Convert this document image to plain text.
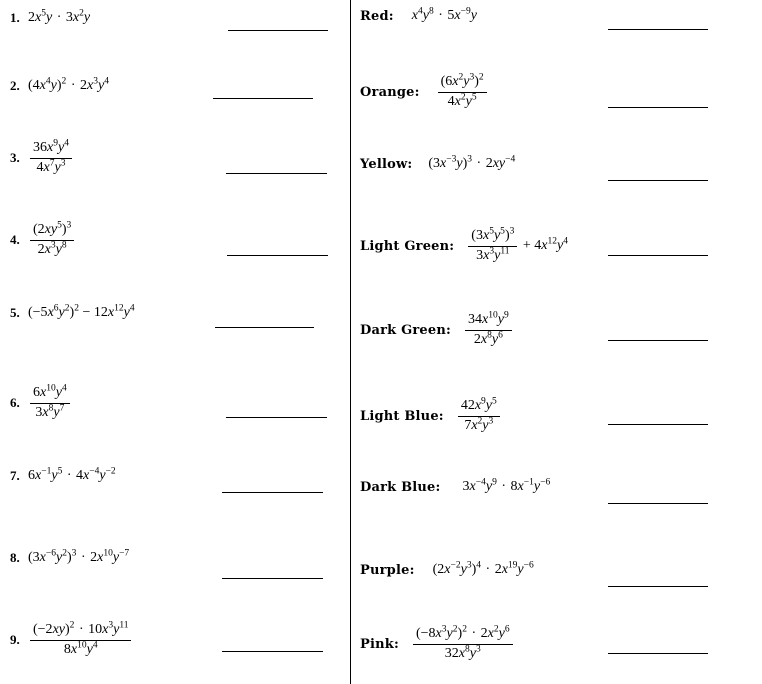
1. $2x^5y \cdot 3x^2y$
2. $(4x^4y)^2 \cdot 2x^3y^4$
3. $\frac{36x^9y^4}{4x^7y^3}$
4. $\frac{(2xy^5)^3}{2x^3y^8}$
5. $(-5x^6y^2)^2 - 12x^{12}y^4$
6. $\frac{6x^{10}y^4}{3x^8y^7}$
7. $6x^{-1}y^5 \cdot 4x^{-4}y^{-2}$
8. $(3x^{-6}y^2)^3 \cdot 2x^{10}y^{-7}$
9. $\frac{(-2xy)^2 \cdot 10x^3y^{11}}{8x^{10}y^4}$
Red:	$x^4y^8 \cdot 5x^{-9}y$
Orange: $\frac{(6x^2y^3)^2}{4x^2y^5}$
Yellow:	$(3x^{-3}y)^3 \cdot 2xy^{-4}$
Light Green: $\frac{(3x^5y^5)^3}{3x^3y^{11}} + 4x^{12}y^4$
Dark Green: $\frac{34x^{10}y^9}{2x^8y^6}$
Light Blue: $\frac{42x^9y^5}{7x^2y^3}$
Dark Blue:	$3x^{-4}y^9 \cdot 8x^{-1}y^{-6}$
Purple:	$(2x^{-2}y^3)^4 \cdot 2x^{19}y^{-6}$
Pink: $\frac{(-8x^3y^2)^2 \cdot 2x^2y^6}{32x^8y^3}$
